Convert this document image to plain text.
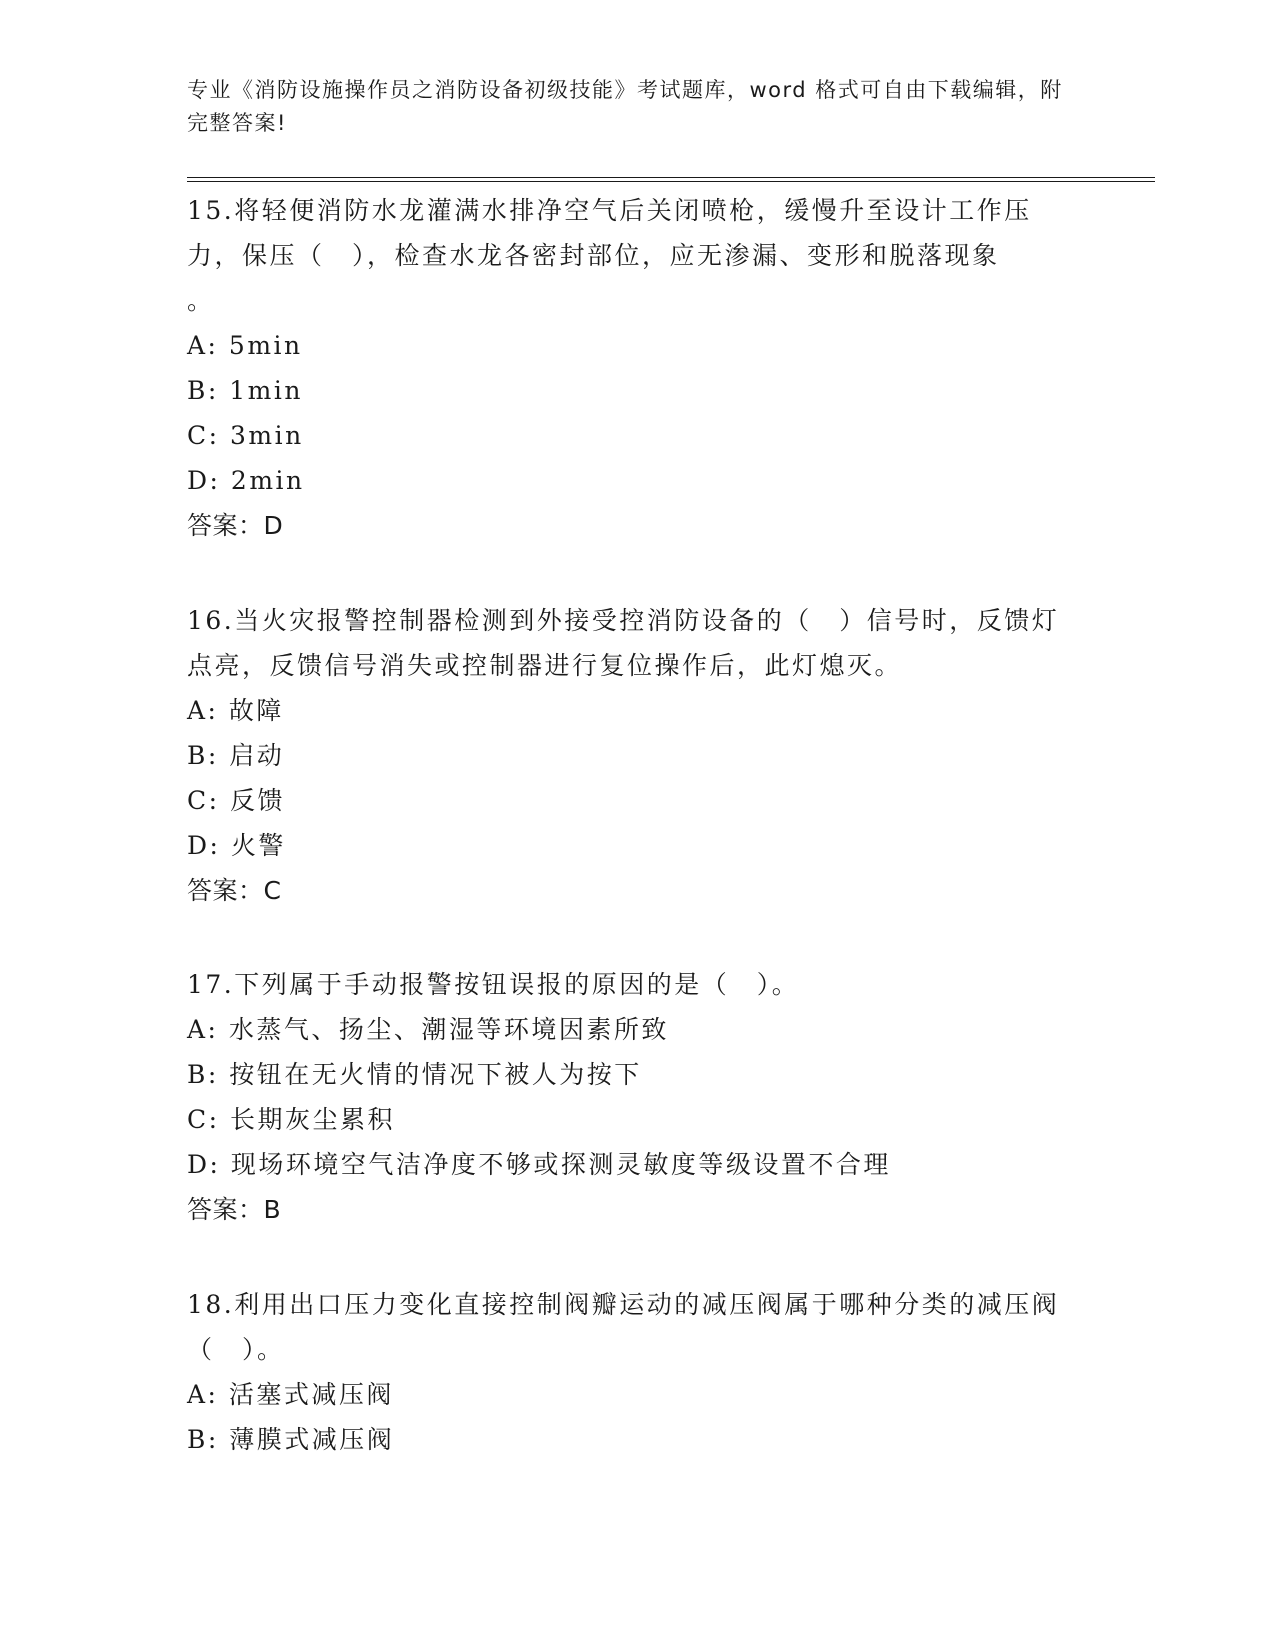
专业《消防设施操作员之消防设备初级技能》考试题库，word 格式可自由下载编辑，附完整答案!
15.将轻便消防水龙灌满水排净空气后关闭喷枪，缓慢升至设计工作压力，保压（　），检查水龙各密封部位，应无渗漏、变形和脱落现象
。
A: 5min
B: 1min
C: 3min
D: 2min
答案：D
16.当火灾报警控制器检测到外接受控消防设备的（　）信号时，反馈灯点亮，反馈信号消失或控制器进行复位操作后，此灯熄灭。
A: 故障
B: 启动
C: 反馈
D: 火警
答案：C
17.下列属于手动报警按钮误报的原因的是（　）。
A: 水蒸气、扬尘、潮湿等环境因素所致
B: 按钮在无火情的情况下被人为按下
C: 长期灰尘累积
D: 现场环境空气洁净度不够或探测灵敏度等级设置不合理
答案：B
18.利用出口压力变化直接控制阀瓣运动的减压阀属于哪种分类的减压阀（　）。
A: 活塞式减压阀
B: 薄膜式减压阀
